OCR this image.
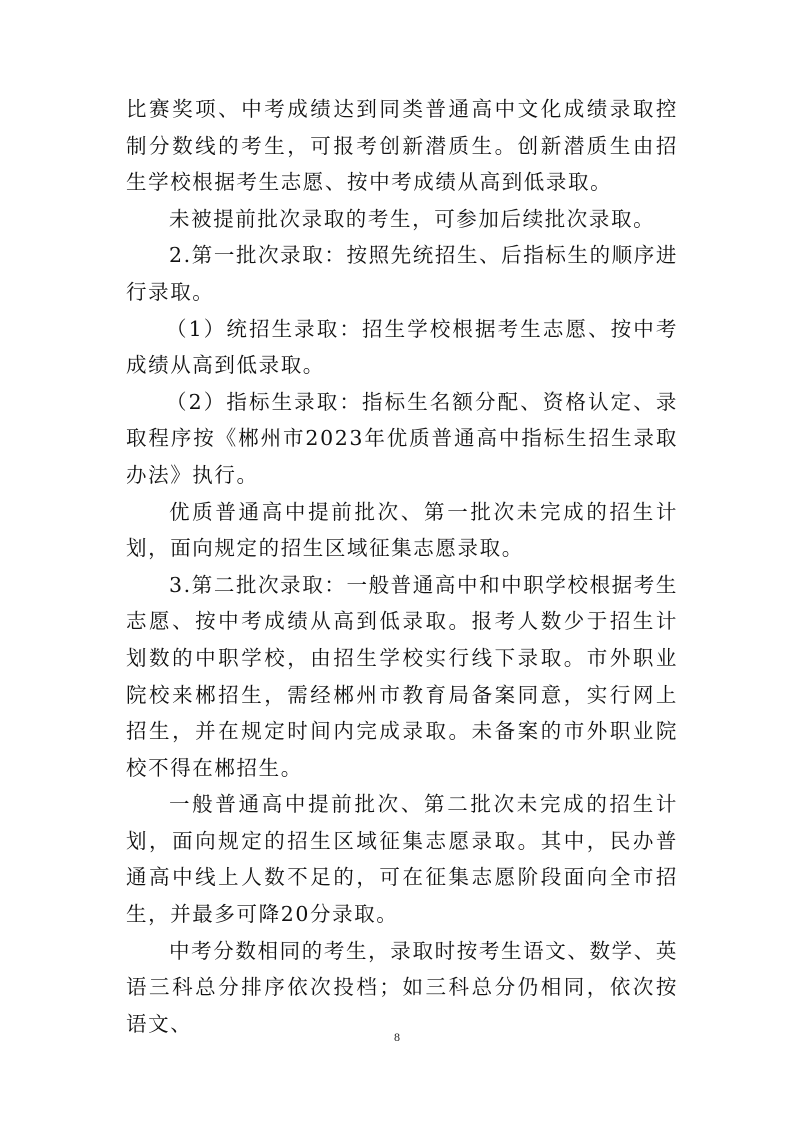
比赛奖项、中考成绩达到同类普通高中文化成绩录取控制分数线的考生，可报考创新潜质生。创新潜质生由招生学校根据考生志愿、按中考成绩从高到低录取。

未被提前批次录取的考生，可参加后续批次录取。

2.第一批次录取：按照先统招生、后指标生的顺序进行录取。

（1）统招生录取：招生学校根据考生志愿、按中考成绩从高到低录取。

（2）指标生录取：指标生名额分配、资格认定、录取程序按《郴州市2023年优质普通高中指标生招生录取办法》执行。

优质普通高中提前批次、第一批次未完成的招生计划，面向规定的招生区域征集志愿录取。

3.第二批次录取：一般普通高中和中职学校根据考生志愿、按中考成绩从高到低录取。报考人数少于招生计划数的中职学校，由招生学校实行线下录取。市外职业院校来郴招生，需经郴州市教育局备案同意，实行网上招生，并在规定时间内完成录取。未备案的市外职业院校不得在郴招生。

一般普通高中提前批次、第二批次未完成的招生计划，面向规定的招生区域征集志愿录取。其中，民办普通高中线上人数不足的，可在征集志愿阶段面向全市招生，并最多可降20分录取。

中考分数相同的考生，录取时按考生语文、数学、英语三科总分排序依次投档；如三科总分仍相同，依次按语文、

8
